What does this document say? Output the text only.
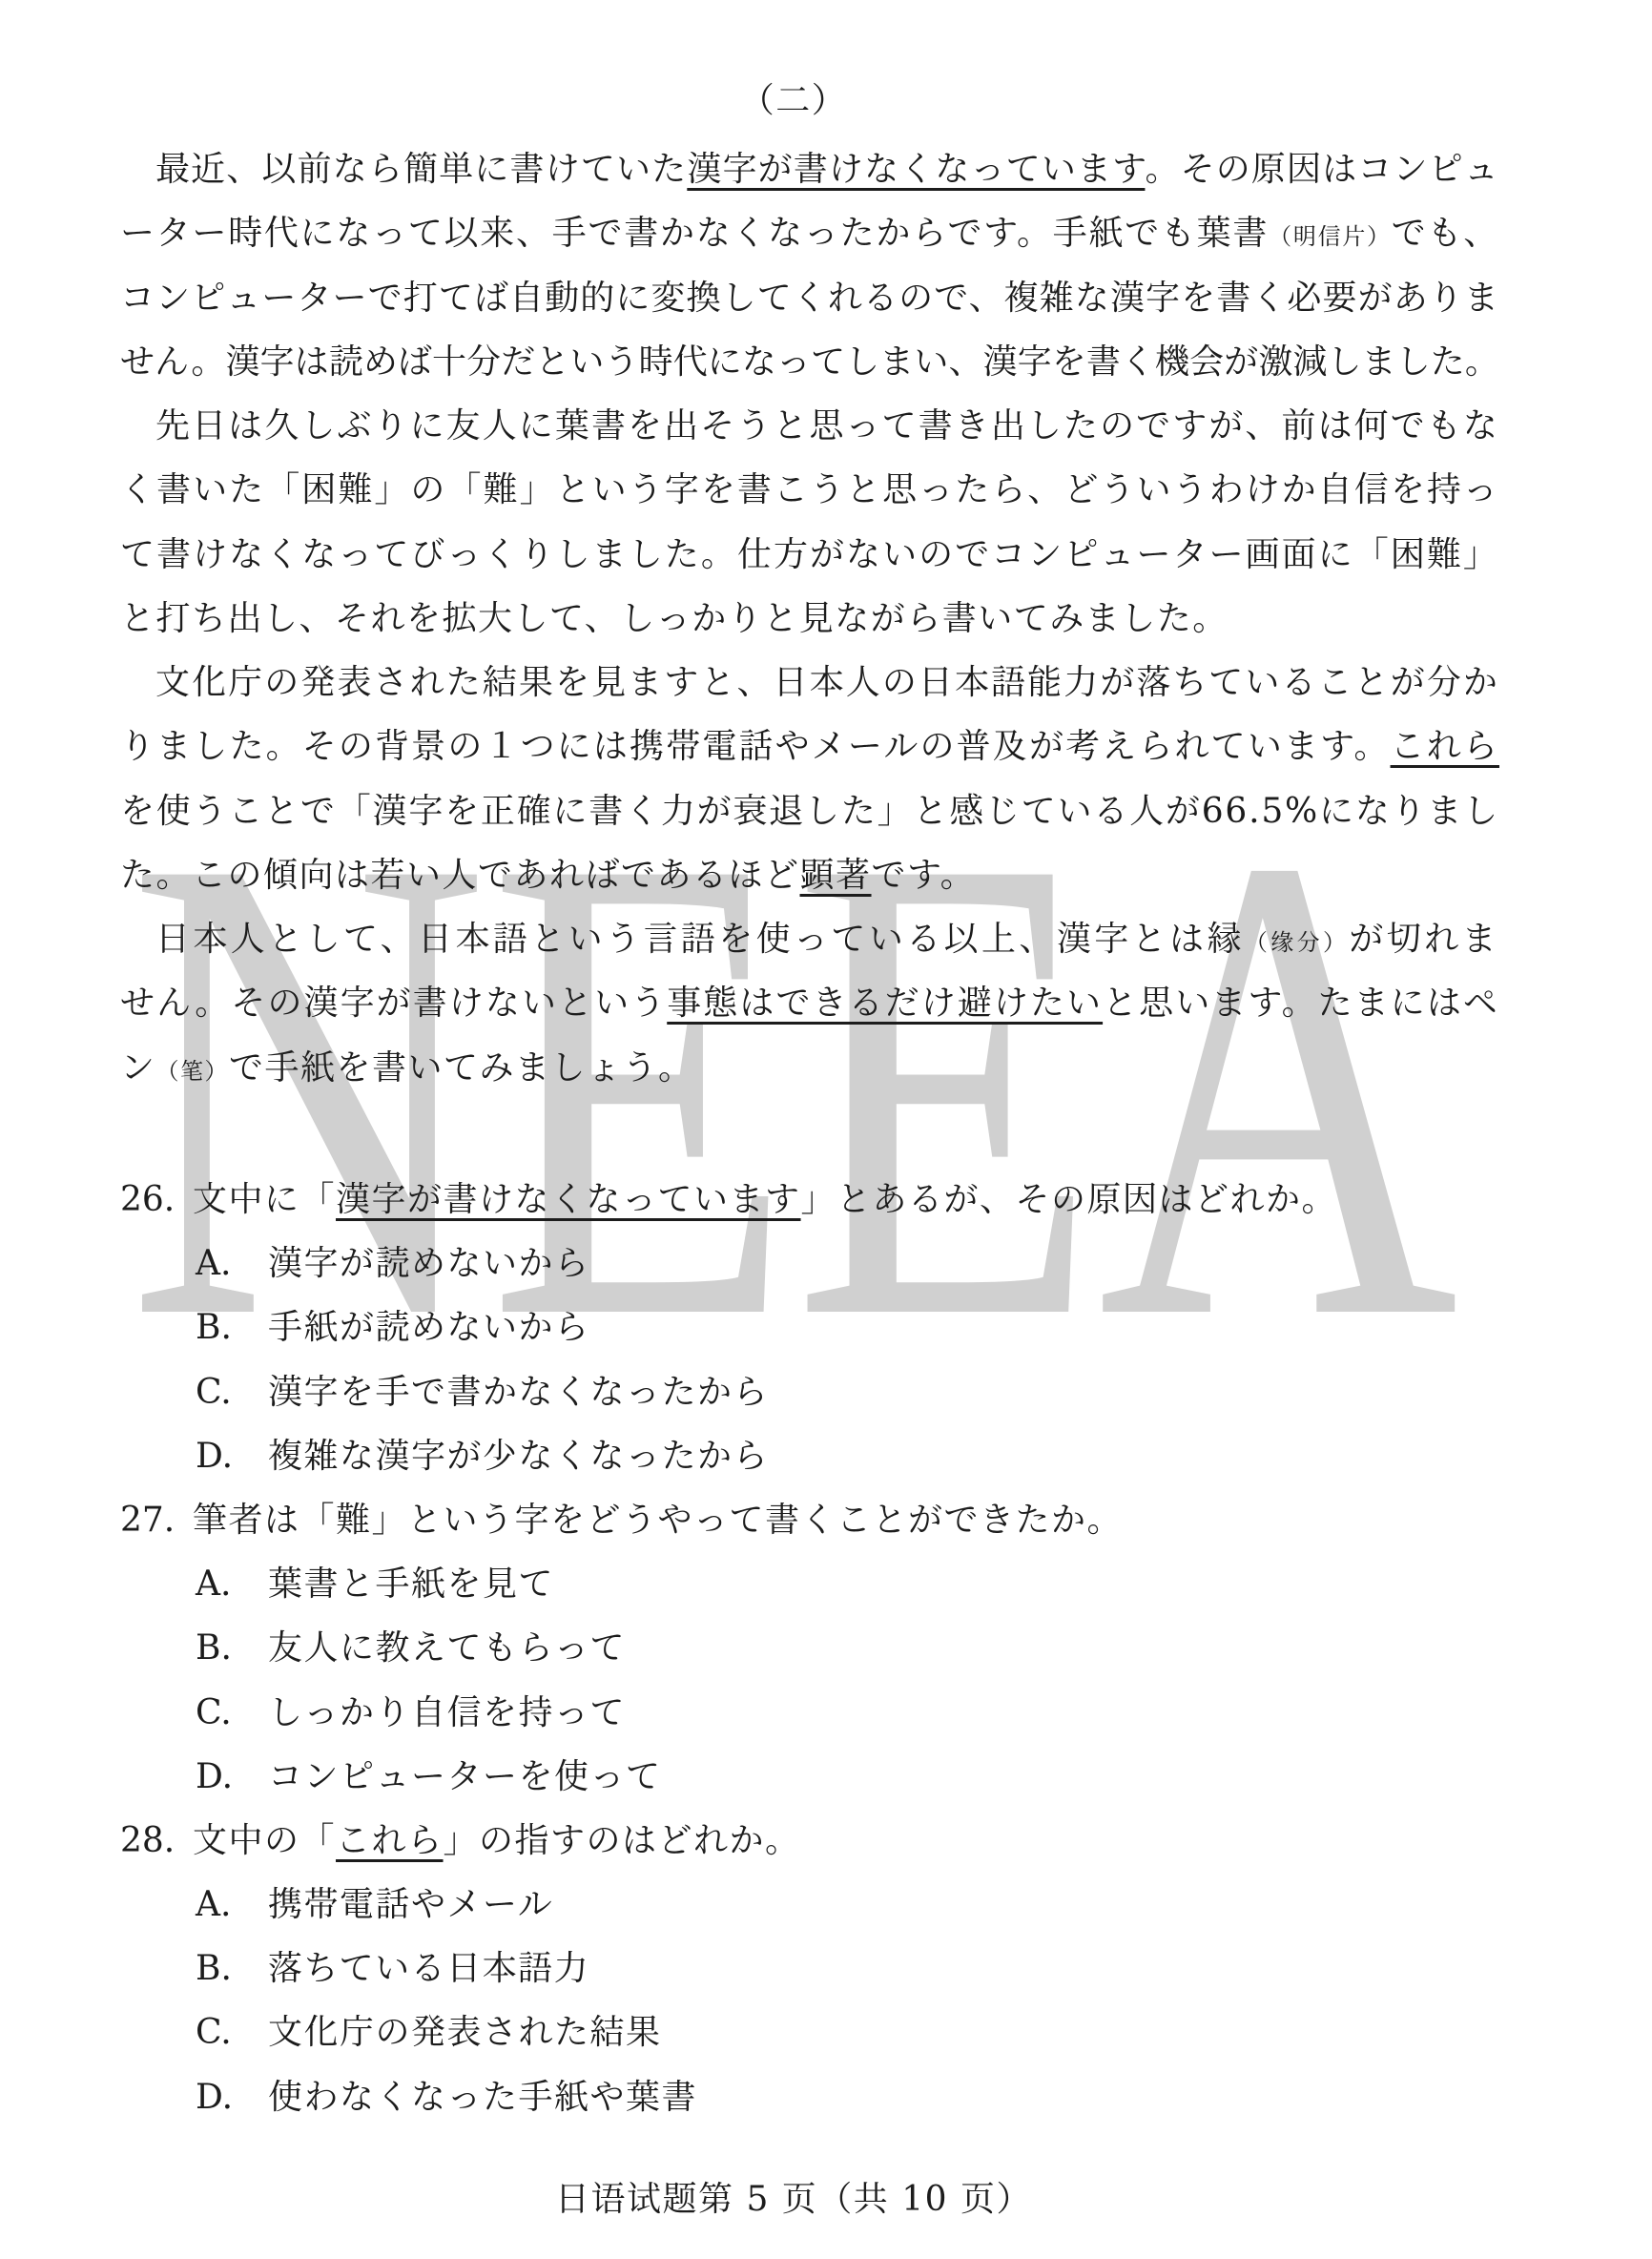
NEEA
（二）
最近、以前なら簡単に書けていた漢字が書けなくなっています。その原因はコンピュ
ーター時代になって以来、手で書かなくなったからです。手紙でも葉書（明信片）でも、
コンピューターで打てば自動的に変換してくれるので、複雑な漢字を書く必要がありま
せん。漢字は読めば十分だという時代になってしまい、漢字を書く機会が激減しました。
先日は久しぶりに友人に葉書を出そうと思って書き出したのですが、前は何でもな
く書いた「困難」の「難」という字を書こうと思ったら、どういうわけか自信を持っ
て書けなくなってびっくりしました。仕方がないのでコンピューター画面に「困難」
と打ち出し、それを拡大して、しっかりと見ながら書いてみました。
文化庁の発表された結果を見ますと、日本人の日本語能力が落ちていることが分か
りました。その背景の１つには携帯電話やメールの普及が考えられています。これら
を使うことで「漢字を正確に書く力が衰退した」と感じている人が66.5%になりまし
た。この傾向は若い人であればであるほど顕著です。
日本人として、日本語という言語を使っている以上、漢字とは縁（缘分）が切れま
せん。その漢字が書けないという事態はできるだけ避けたいと思います。たまにはペ
ン（笔）で手紙を書いてみましょう。
26. 文中に「漢字が書けなくなっています」とあるが、その原因はどれか。
A. 漢字が読めないから
B. 手紙が読めないから
C. 漢字を手で書かなくなったから
D. 複雑な漢字が少なくなったから
27. 筆者は「難」という字をどうやって書くことができたか。
A. 葉書と手紙を見て
B. 友人に教えてもらって
C. しっかり自信を持って
D. コンピューターを使って
28. 文中の「これら」の指すのはどれか。
A. 携帯電話やメール
B. 落ちている日本語力
C. 文化庁の発表された結果
D. 使わなくなった手紙や葉書
日语试题第 5 页（共 10 页）
